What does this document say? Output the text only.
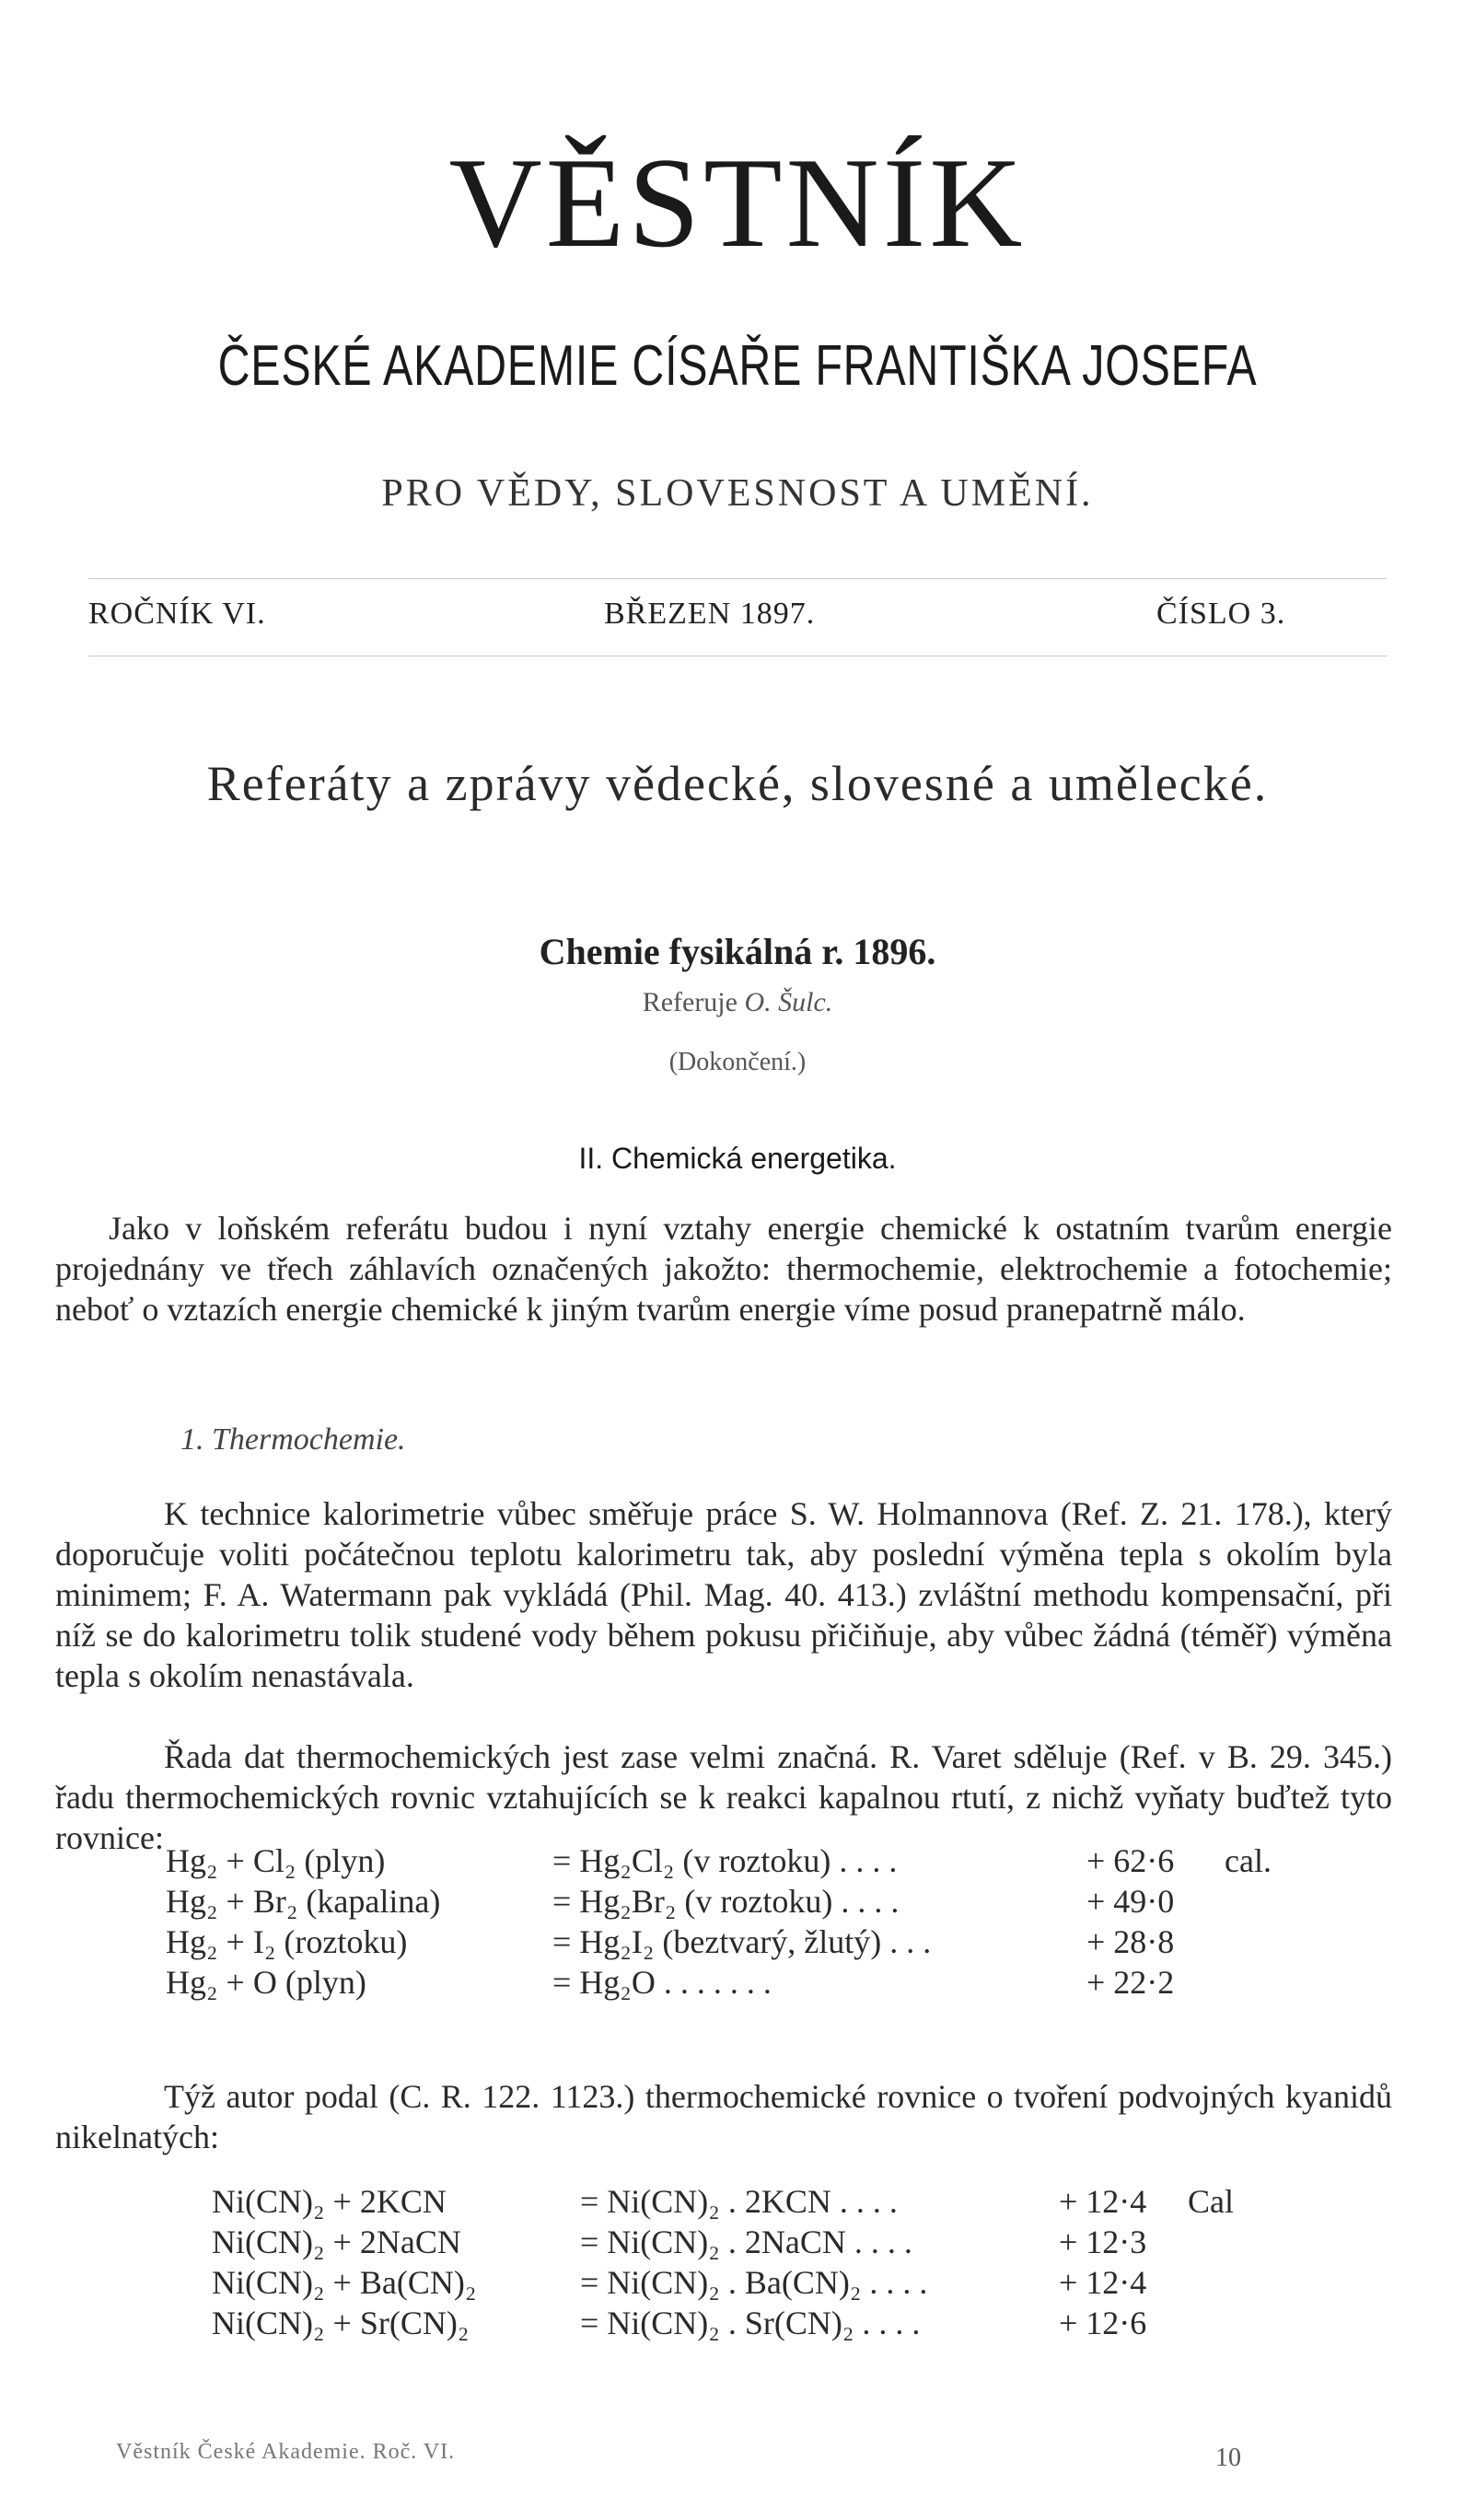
VĚSTNÍK
ČESKÉ AKADEMIE CÍSAŘE FRANTIŠKA JOSEFA
PRO VĚDY, SLOVESNOST A UMĚNÍ.
ROČNÍK VI.	BŘEZEN 1897.	ČÍSLO 3.
Referáty a zprávy vědecké, slovesné a umělecké.
Chemie fysikálná r. 1896.
Referuje O. Šulc.
(Dokončení.)
II. Chemická energetika.
Jako v loňském referátu budou i nyní vztahy energie chemické k ostatním tvarům energie projednány ve třech záhlavích označených jakožto: thermochemie, elektrochemie a fotochemie; neboť o vztazích energie chemické k jiným tvarům energie víme posud pranepatrně málo.
1. Thermochemie.
K technice kalorimetrie vůbec směřuje práce S. W. Holmannova (Ref. Z. 21. 178.), který doporučuje voliti počátečnou teplotu kalorimetru tak, aby poslední výměna tepla s okolím byla minimem; F. A. Watermann pak vykládá (Phil. Mag. 40. 413.) zvláštní methodu kompensační, při níž se do kalorimetru tolik studené vody během pokusu přičiňuje, aby vůbec žádná (téměř) výměna tepla s okolím nenastávala.
Řada dat thermochemických jest zase velmi značná. R. Varet sděluje (Ref. v B. 29. 345.) řadu thermochemických rovnic vztahujících se k reakci kapalnou rtutí, z nichž vyňaty buďtež tyto rovnice:
Hg₂ + Cl₂ (plyn)	= Hg₂Cl₂ (v roztoku) . . . .	+ 62·6 cal.
Hg₂ + Br₂ (kapalina)	= Hg₂Br₂ (v roztoku) . . . .	+ 49·0
Hg₂ + I₂ (roztoku)	= Hg₂I₂ (beztvarý, žlutý) . . .	+ 28·8
Hg₂ + O (plyn)	= Hg₂O . . . . . . .	+ 22·2
Týž autor podal (C. R. 122. 1123.) thermochemické rovnice o tvoření podvojných kyanidů nikelnatých:
Ni(CN)₂ + 2KCN	= Ni(CN)₂ . 2KCN . . . .	+ 12·4 Cal
Ni(CN)₂ + 2NaCN	= Ni(CN)₂ . 2NaCN . . . .	+ 12·3
Ni(CN)₂ + Ba(CN)₂	= Ni(CN)₂ . Ba(CN)₂ . . . .	+ 12·4
Ni(CN)₂ + Sr(CN)₂	= Ni(CN)₂ . Sr(CN)₂ . . . .	+ 12·6
Věstník České Akademie. Roč. VI.	10
